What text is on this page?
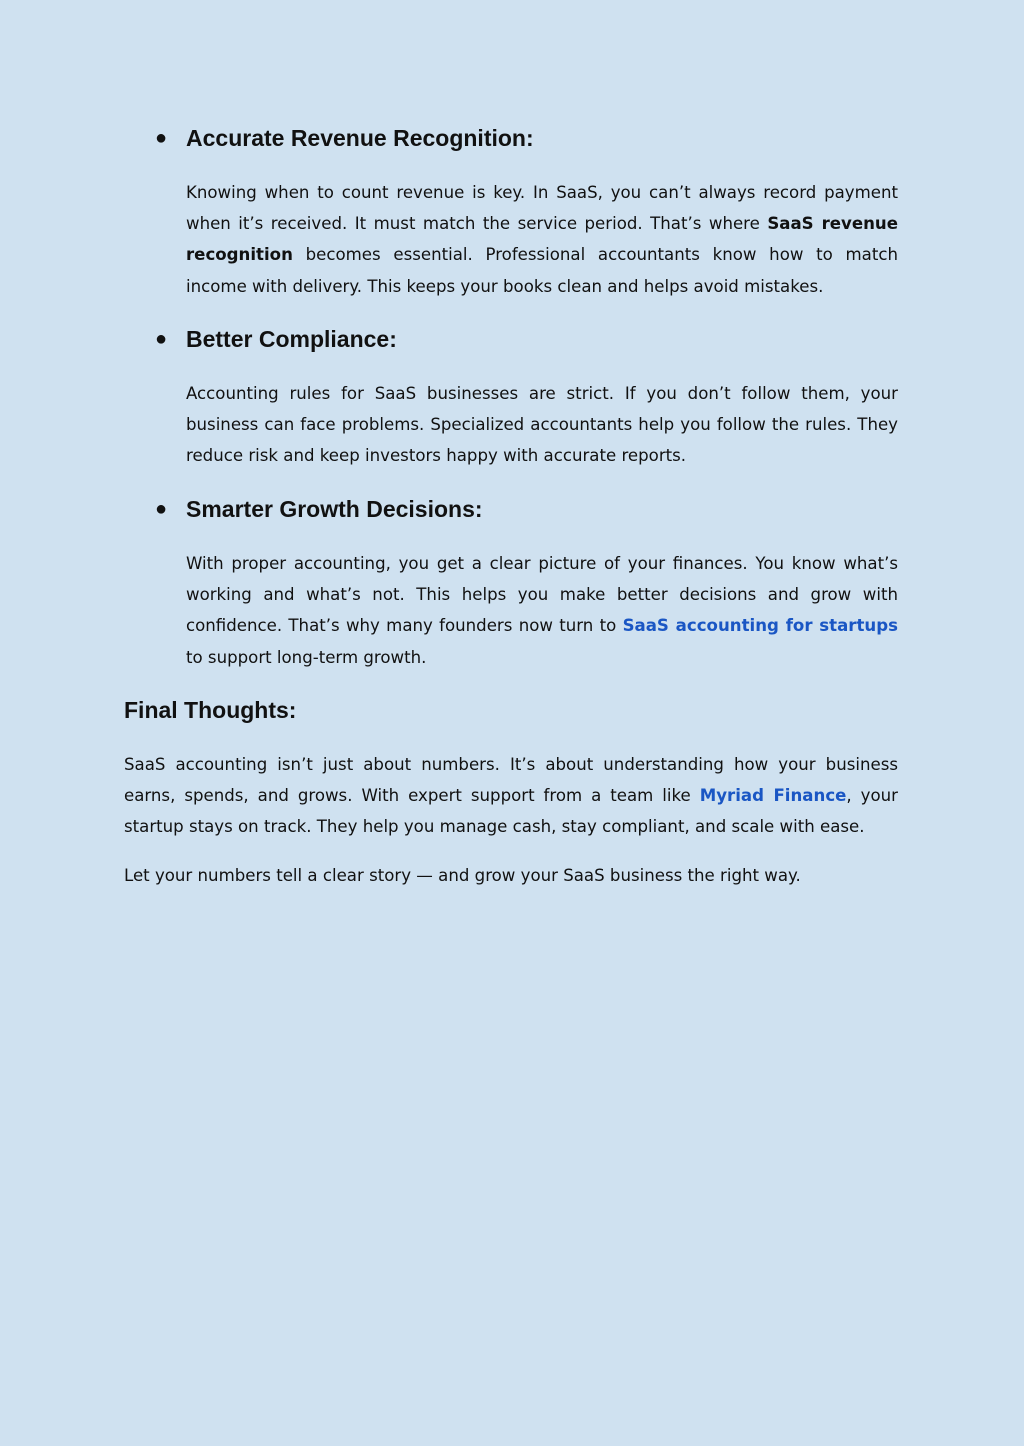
● Accurate Revenue Recognition:

Knowing when to count revenue is key. In SaaS, you can’t always record payment when it’s received. It must match the service period. That’s where SaaS revenue recognition becomes essential. Professional accountants know how to match income with delivery. This keeps your books clean and helps avoid mistakes.

● Better Compliance:

Accounting rules for SaaS businesses are strict. If you don’t follow them, your business can face problems. Specialized accountants help you follow the rules. They reduce risk and keep investors happy with accurate reports.

● Smarter Growth Decisions:

With proper accounting, you get a clear picture of your finances. You know what’s working and what’s not. This helps you make better decisions and grow with confidence. That’s why many founders now turn to SaaS accounting for startups to support long-term growth.

Final Thoughts:

SaaS accounting isn’t just about numbers. It’s about understanding how your business earns, spends, and grows. With expert support from a team like Myriad Finance, your startup stays on track. They help you manage cash, stay compliant, and scale with ease.

Let your numbers tell a clear story — and grow your SaaS business the right way.
